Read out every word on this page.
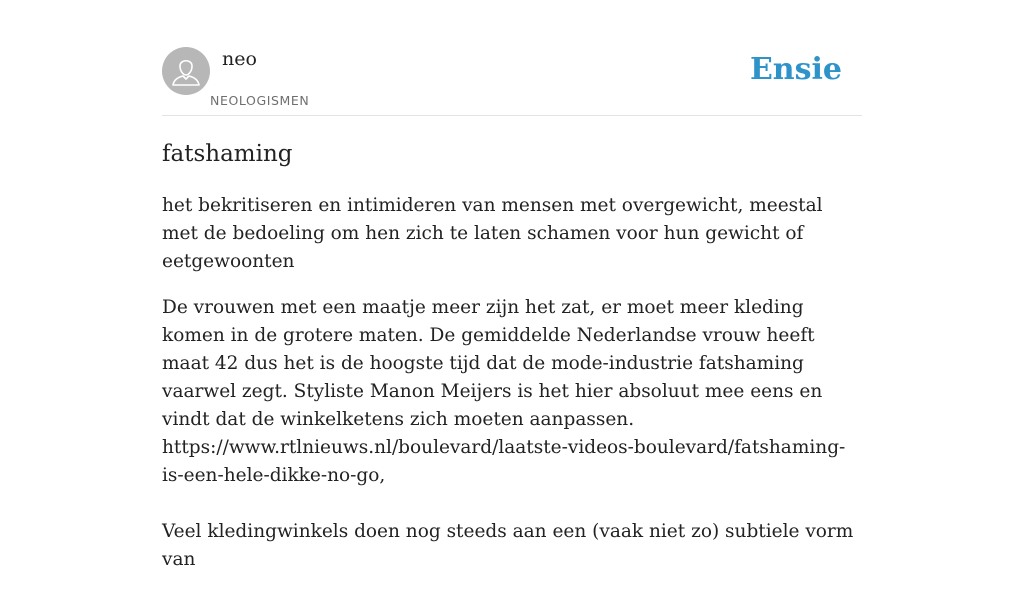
neo
NEOLOGISMEN
Ensie
fatshaming

het bekritiseren en intimideren van mensen met overgewicht, meestal met de bedoeling om hen zich te laten schamen voor hun gewicht of eetgewoonten

De vrouwen met een maatje meer zijn het zat, er moet meer kleding komen in de grotere maten. De gemiddelde Nederlandse vrouw heeft maat 42 dus het is de hoogste tijd dat de mode-industrie fatshaming vaarwel zegt. Styliste Manon Meijers is het hier absoluut mee eens en vindt dat de winkelketens zich moeten aanpassen.
https://www.rtlnieuws.nl/boulevard/laatste-videos-boulevard/fatshaming-is-een-hele-dikke-no-go,

Veel kledingwinkels doen nog steeds aan een (vaak niet zo) subtiele vorm van
